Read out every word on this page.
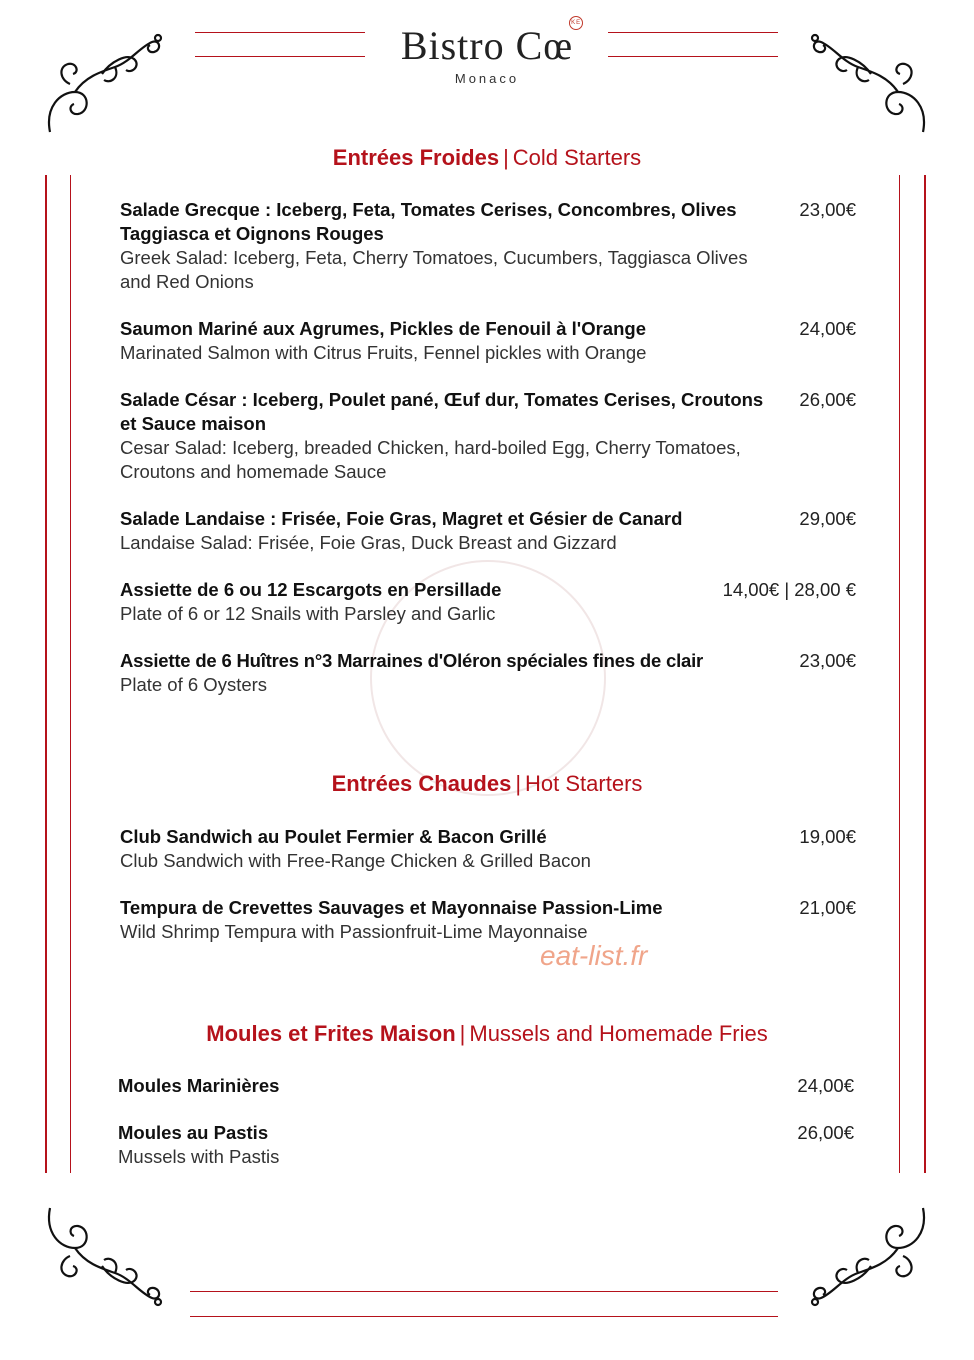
Bistro Cœ
KE
Monaco
Entrées Froides | Cold Starters
Salade Grecque : Iceberg, Feta, Tomates Cerises, Concombres, Olives Taggiasca et Oignons Rouges
Greek Salad: Iceberg, Feta, Cherry Tomatoes, Cucumbers, Taggiasca Olives and Red Onions
23,00€
Saumon Mariné aux Agrumes, Pickles de Fenouil à l'Orange
Marinated Salmon with Citrus Fruits, Fennel pickles with Orange
24,00€
Salade César : Iceberg, Poulet pané, Œuf dur, Tomates Cerises, Croutons et Sauce maison
Cesar Salad: Iceberg, breaded Chicken, hard-boiled Egg, Cherry Tomatoes, Croutons and homemade Sauce
26,00€
Salade Landaise : Frisée, Foie Gras, Magret et Gésier de Canard
Landaise Salad: Frisée, Foie Gras, Duck Breast and Gizzard
29,00€
Assiette de 6 ou 12 Escargots en Persillade
Plate of 6 or 12 Snails with Parsley and Garlic
14,00€ | 28,00 €
Assiette de 6 Huîtres n°3 Marraines d'Oléron spéciales fines de clair
Plate of 6 Oysters
23,00€
Entrées Chaudes | Hot Starters
Club Sandwich au Poulet Fermier & Bacon Grillé
Club Sandwich with Free-Range Chicken & Grilled Bacon
19,00€
Tempura de Crevettes Sauvages et Mayonnaise Passion-Lime
Wild Shrimp Tempura with Passionfruit-Lime Mayonnaise
21,00€
eat-list.fr
Moules et Frites Maison | Mussels and Homemade Fries
Moules Marinières	24,00€
Moules au Pastis
Mussels with Pastis
26,00€
